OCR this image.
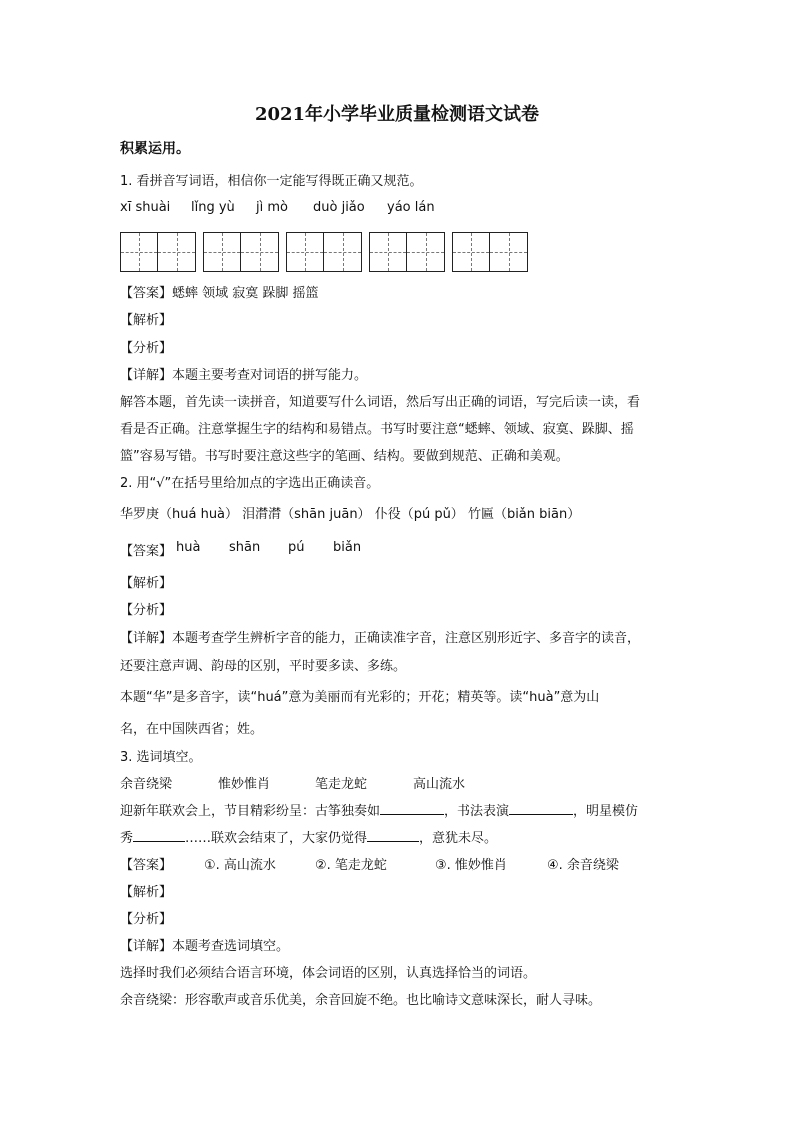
2021年小学毕业质量检测语文试卷
积累运用。
1. 看拼音写词语，相信你一定能写得既正确又规范。
xī shuài lǐng yù jì mò duò jiǎo yáo lán
【答案】蟋蟀 领域 寂寞 跺脚 摇篮
【解析】
【分析】
【详解】本题主要考查对词语的拼写能力。
解答本题，首先读一读拼音，知道要写什么词语，然后写出正确的词语，写完后读一读，看
看是否正确。注意掌握生字的结构和易错点。书写时要注意“蟋蟀、领域、寂寞、跺脚、摇
篮”容易写错。书写时要注意这些字的笔画、结构。要做到规范、正确和美观。
2. 用“√”在括号里给加点的字选出正确读音。
华罗庚（huá huà） 泪潸潸（shān juān） 仆役（pú pǔ） 竹匾（biǎn biān）
【答案】 huà shān pú biǎn
【解析】
【分析】
【详解】本题考查学生辨析字音的能力，正确读准字音，注意区别形近字、多音字的读音，
还要注意声调、韵母的区别，平时要多读、多练。
本题“华”是多音字，读“huá”意为美丽而有光彩的；开花；精英等。读“huà”意为山
名，在中国陕西省；姓。
3. 选词填空。
余音绕梁	惟妙惟肖	笔走龙蛇	高山流水
迎新年联欢会上，节目精彩纷呈：古筝独奏如	，书法表演	，明星模仿
秀	……联欢会结束了，大家仍觉得	，意犹未尽。
【答案】 ①. 高山流水	②. 笔走龙蛇	③. 惟妙惟肖	④. 余音绕梁
【解析】
【分析】
【详解】本题考查选词填空。
选择时我们必须结合语言环境，体会词语的区别，认真选择恰当的词语。
余音绕梁：形容歌声或音乐优美，余音回旋不绝。也比喻诗文意味深长，耐人寻味。
